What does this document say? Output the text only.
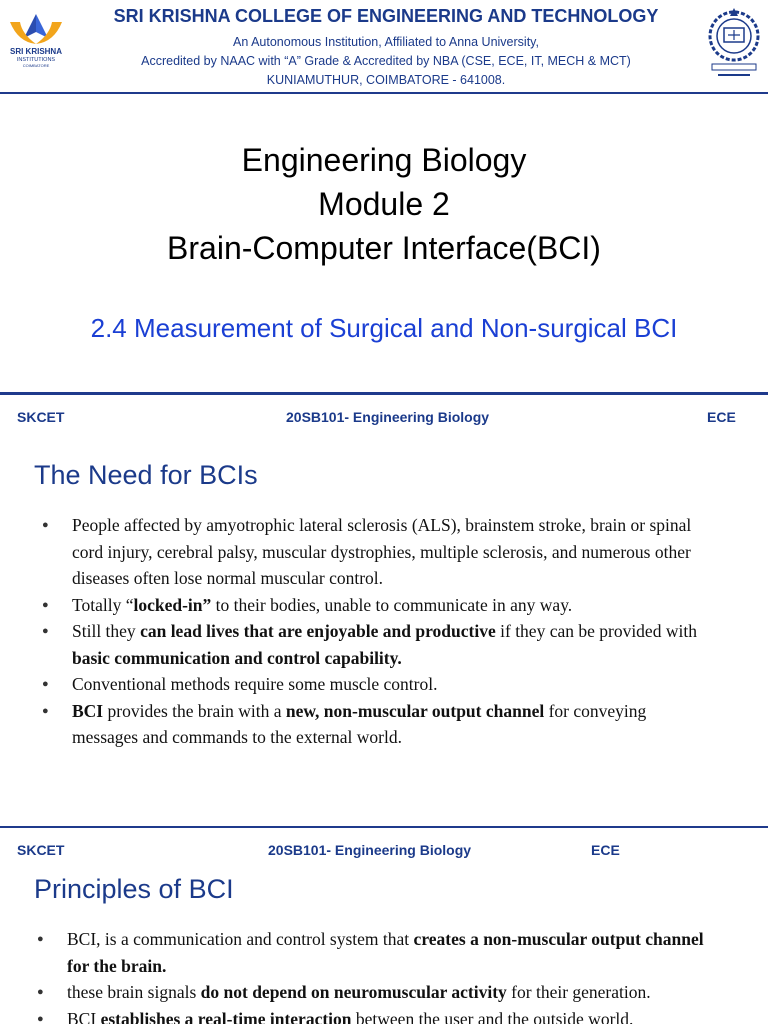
SRI KRISHNA
INSTITUTIONS
COIMBATORE
SRI KRISHNA COLLEGE OF ENGINEERING AND TECHNOLOGY
An Autonomous Institution, Affiliated to Anna University,
Accredited by NAAC with “A” Grade & Accredited by NBA (CSE, ECE, IT, MECH & MCT)
KUNIAMUTHUR, COIMBATORE - 641008.
Engineering Biology
Module 2
Brain-Computer Interface(BCI)
2.4 Measurement of Surgical and Non-surgical BCI
SKCET	20SB101- Engineering Biology	ECE
The Need for BCIs
● People affected by amyotrophic lateral sclerosis (ALS), brainstem stroke, brain or spinal cord injury, cerebral palsy, muscular dystrophies, multiple sclerosis, and numerous other diseases often lose normal muscular control.
● Totally “locked-in” to their bodies, unable to communicate in any way.
● Still they can lead lives that are enjoyable and productive if they can be provided with basic communication and control capability.
● Conventional methods require some muscle control.
● BCI provides the brain with a new, non-muscular output channel for conveying messages and commands to the external world.
SKCET	20SB101- Engineering Biology	ECE
Principles of BCI
● BCI, is a communication and control system that creates a non-muscular output channel for the brain.
● these brain signals do not depend on neuromuscular activity for their generation.
● BCI establishes a real-time interaction between the user and the outside world.
